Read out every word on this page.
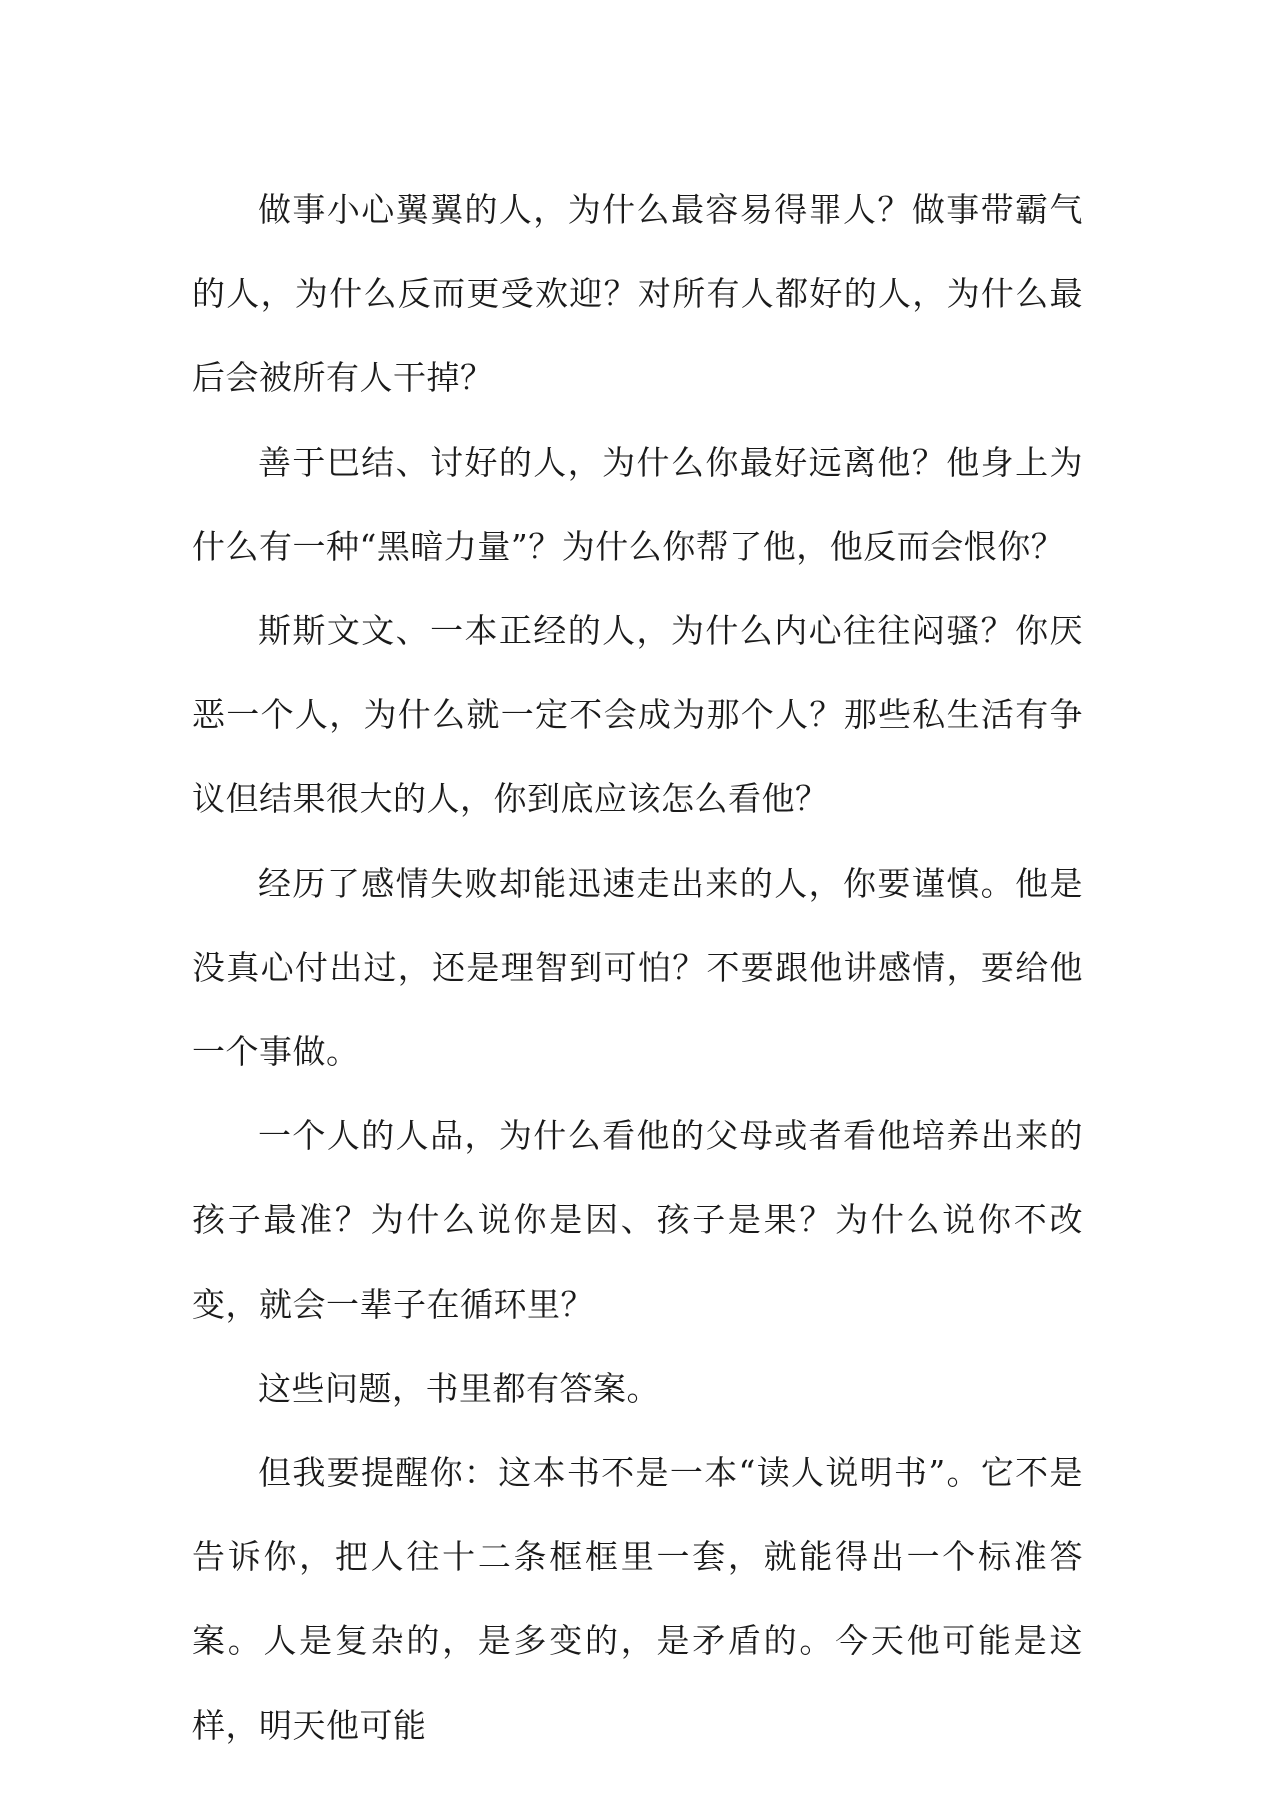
做事小心翼翼的人，为什么最容易得罪人？做事带霸气的人，为什么反而更受欢迎？对所有人都好的人，为什么最后会被所有人干掉？

善于巴结、讨好的人，为什么你最好远离他？他身上为什么有一种“黑暗力量”？为什么你帮了他，他反而会恨你？

斯斯文文、一本正经的人，为什么内心往往闷骚？你厌恶一个人，为什么就一定不会成为那个人？那些私生活有争议但结果很大的人，你到底应该怎么看他？

经历了感情失败却能迅速走出来的人，你要谨慎。他是没真心付出过，还是理智到可怕？不要跟他讲感情，要给他一个事做。

一个人的人品，为什么看他的父母或者看他培养出来的孩子最准？为什么说你是因、孩子是果？为什么说你不改变，就会一辈子在循环里？

这些问题，书里都有答案。

但我要提醒你：这本书不是一本“读人说明书”。它不是告诉你，把人往十二条框框里一套，就能得出一个标准答案。人是复杂的，是多变的，是矛盾的。今天他可能是这样，明天他可能
